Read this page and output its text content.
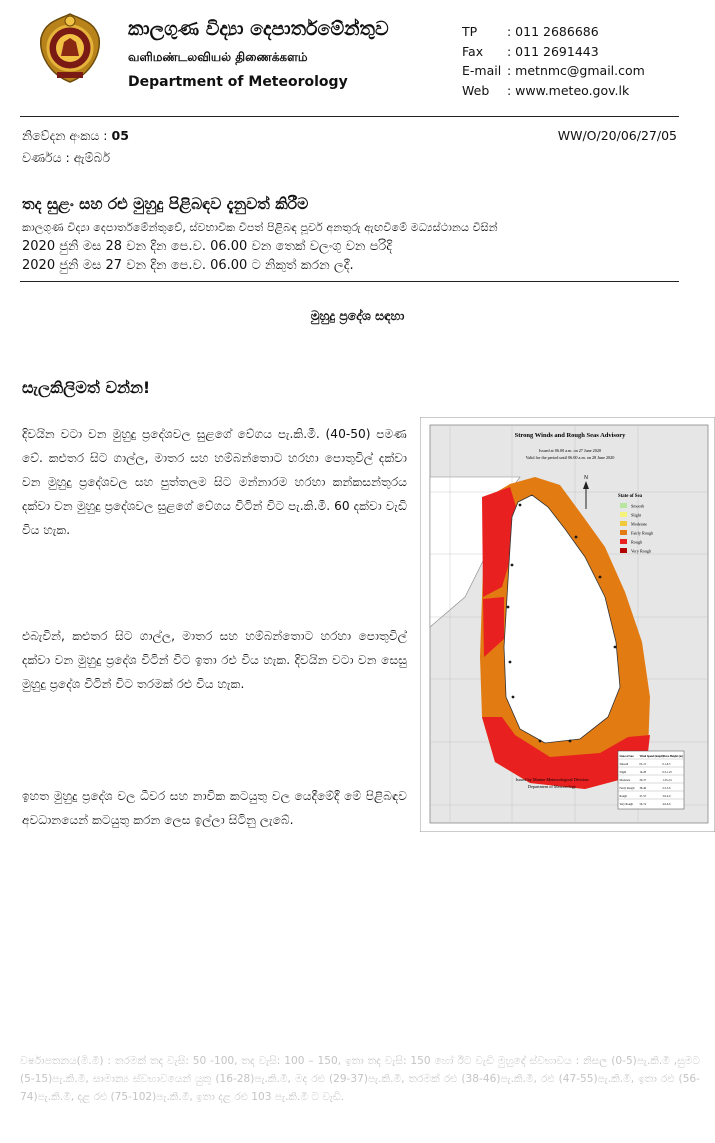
කාලගුණ විද්‍යා දෙපාර්තමේන්තුව
வளிமண்டலவியல் திணைக்களம்
Department of Meteorology
TP	: 011 2686686
Fax	: 011 2691443
E-mail : metnmc@gmail.com
Web	: www.meteo.gov.lk
නිවේදන අංකය : 05	WW/O/20/06/27/05
වර්ණය : ඇම්බර්
තද සුළං සහ රළු මුහුදු පිළිබඳව දැනුවත් කිරීම
කාලගුණ විද්‍යා දෙපාර්තමේන්තුවේ, ස්වභාවික විපත් පිළිබඳ පූර්ව අනතුරු ඇඟවීමේ මධ්‍යස්ථානය විසින්
2020 ජුනි මස 28 වන දින පෙ.ව. 06.00 වන තෙක් වලංගු වන පරිදි
2020 ජුනි මස 27 වන දින පෙ.ව. 06.00 ට නිකුත් කරන ලදී.
මුහුදු ප්‍රදේශ සඳහා
සැලකිලිමත් වන්න!
දිවයින වටා වන මුහුදු ප්‍රදේශවල සුළගේ වේගය පැ.කි.මී. (40-50) පමණ වේ. කළුතර සිට ගාල්ල, මාතර සහ හම්බන්තොට හරහා පොතුවිල් දක්වා වන මුහුදු ප්‍රදේශවල සහ පුත්තලම සිට මන්නාරම හරහා කන්කසන්තුරය දක්වා වන මුහුදු ප්‍රදේශවල සුළගේ වේගය විටින් විට පැ.කි.මී. 60 දක්වා වැඩි විය හැක.
එබැවින්, කළුතර සිට ගාල්ල, මාතර සහ හම්බන්තොට හරහා පොතුවිල් දක්වා වන මුහුදු ප්‍රදේශ විටින් විට ඉතා රළු විය හැක. දිවයින වටා වන සෙසු මුහුදු ප්‍රදේශ විටින් විට තරමක් රළු විය හැක.
ඉහත මුහුදු ප්‍රදේශ වල ධීවර සහ නාවික කටයුතු වල යෙදීමේදී මේ පිළිබඳව අවධානයෙන් කටයුතු කරන ලෙස ඉල්ලා සිටිනු ලැබේ.
Strong Winds and Rough Seas Advisory
Issued at 06.00 a.m. on 27 June 2020
Valid for the period until 06.00 a.m. on 28 June 2020
N
State of Sea
Smooth
Slight
Moderate
Fairly Rough
Rough
Very Rough
State of Sea Wind Speed (kmph)
Wave Height (m)
Smooth	05-15	0.1-0.5
Slight	16-28	0.5-1.25
Moderate	29-37	1.25-2.5
Fairly Rough 38-46	2.5-3.0
Rough	47-55	3.0-4.0
Very Rough 56-74	4.0-6.0
Issued by Marine Meteorological Division
Department of Meteorology
වර්ෂාපතනය(මි.මී) : තරමක් තද වැසි: 50 -100, තද වැසි: 100 – 150, ඉතා තද වැසි: 150 හෝ ඊට වැඩි මුහුදේ ස්වභාවය : නිසල (0-5)පැ.කි.මී ,සුමට (5-15)පැ.කි.මී, සාමාන්‍ය ස්වභාවයෙන් යුතු (16-28)පැ.කි.මී, මද රළු (29-37)පැ.කි.මී, තරමක් රළු (38-46)පැ.කි.මී, රළු (47-55)පැ.කි.මී, ඉතා රළු (56-74)පැ.කි.මී, දළ රළු (75-102)පැ.කි.මී, ඉතා දළ රළු 103 පැ.කි.මී ට වැඩි.
